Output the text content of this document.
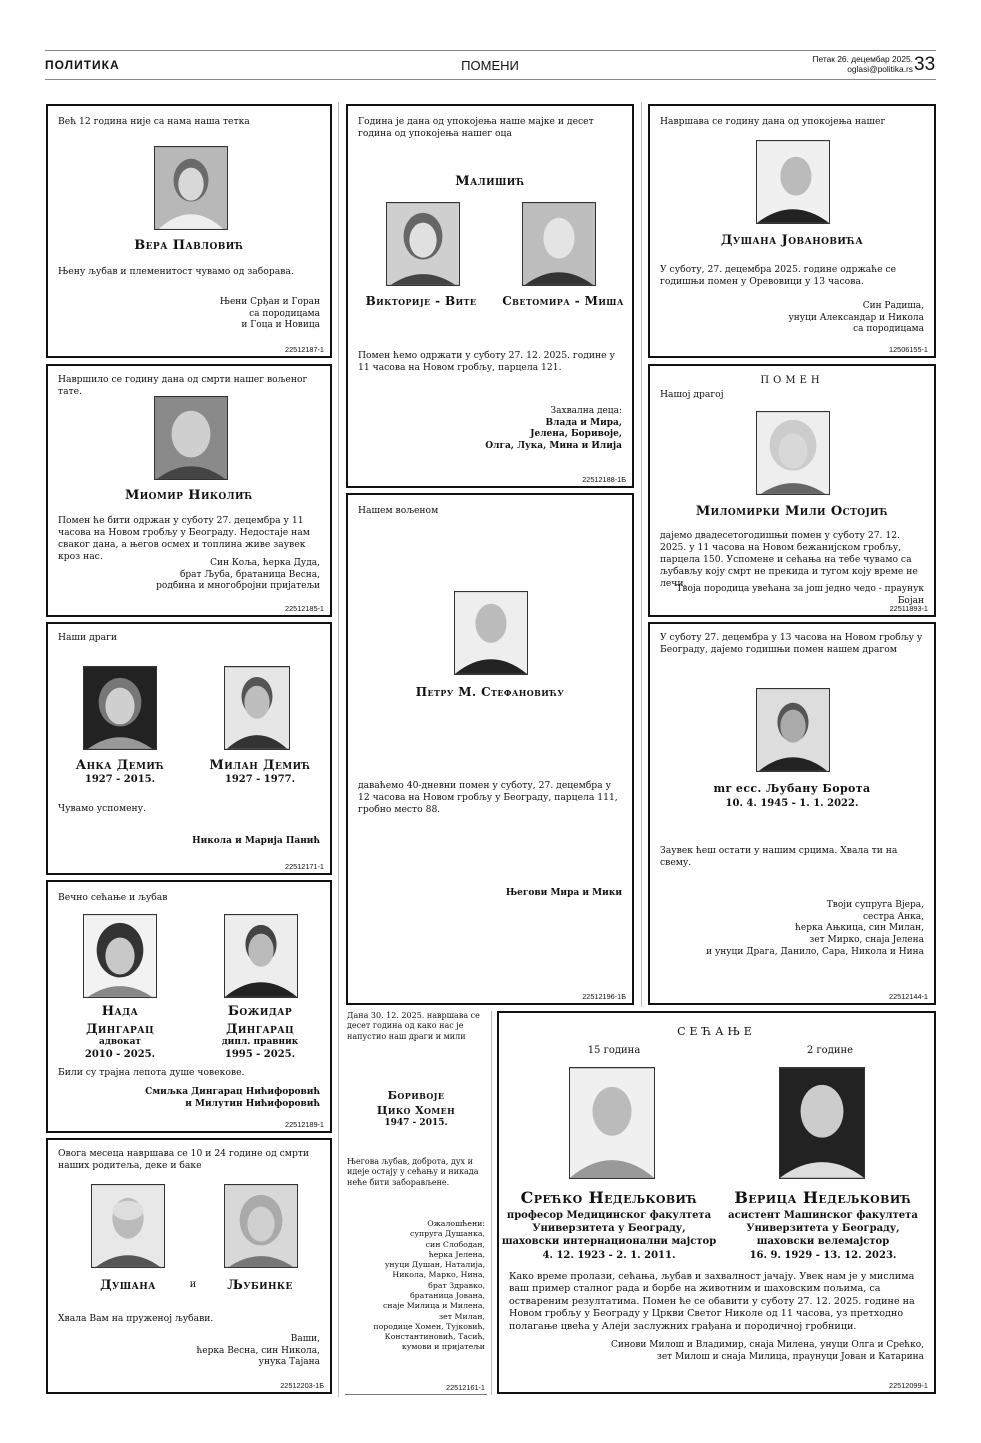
ПОЛИТИКА	ПОМЕНИ	Петак 26. децембар 2025.
oglasi@politika.rs 33

Већ 12 година није са нама наша тетка

Вера Павловић

Њену љубав и племенитост чувамо од заборава.

Њени Срђан и Горан
са породицама
и Гоца и Новица

22512187-1

Навршило се годину дана од смрти нашег вољеног тате.

Миомир Николић

Помен ће бити одржан у суботу 27. децембра у 11 часова на Новом гробљу у Београду. Недостаје нам сваког дана, а његов осмех и топлина живе заувек кроз нас.

Син Коља, ћерка Дуда,
брат Љуба, братаница Весна,
родбина и многобројни пријатељи

22512185-1

Наши драги

Анка Демић

1927 - 2015.

Милан Демић

1927 - 1977.

Чувамо успомену.

Никола и Марија Панић

22512171-1

Вечно сећање и љубав

Нада

Дингарац

адвокат

2010 - 2025.

Божидар

Дингарац

дипл. правник

1995 - 2025.

Били су трајна лепота душе човекове.

Смиљка Дингарац Нићифоровић
и Милутин Нићифоровић

22512189-1

Овога месеца навршава се 10 и 24 године од смрти наших родитеља, деке и баке

Душана	и	Љубинке

Хвала Вам на пруженој љубави.

Ваши,
ћерка Весна, син Никола,
унука Тајана

22512203-1Б

Година је дана од упокојења наше мајке и десет година од упокојења нашег оца

Малишић

Викторије - Вите	Светомира - Миша

Помен ћемо одржати у суботу 27. 12. 2025. године у 11 часова на Новом гробљу, парцела 121.

Захвална деца:
Влада и Мира,
Јелена, Боривоје,
Олга, Лука, Мина и Илија

22512188-1Б

Нашем вољеном

Петру М. Стефановићу

даваћемо 40-дневни помен у суботу, 27. децембра у 12 часова на Новом гробљу у Београду, парцела 111, гробно место 88.

Његови Мира и Мики

22512196-1Б

Дана 30. 12. 2025. навршава се десет година од како нас је напустио наш драги и мили

Боривоје

Цико Хомен

1947 - 2015.

Његова љубав, доброта, дух и идеје остају у сећању и никада неће бити заборављене.

Ожалошћени:
супруга Душанка,
син Слободан,
ћерка Јелена,
унуци Душан, Наталија,
Никола, Марко, Нина,
брат Здравко,
братаница Јована,
снаје Милица и Милена,
зет Милан,
породице Хомен, Тујковић,
Константиновић, Тасић,
кумови и пријатељи

22512161-1

Навршава се годину дана од упокојења нашег

Душана Јовановића

У суботу, 27. децембра 2025. године одржаће се годишњи помен у Оревовици у 13 часова.

Син Радиша,
унуци Александар и Никола
са породицама

12506155-1

ПОМЕН

Нашој драгој

Миломирки Мили Остојић

дајемо двадесетогодишњи помен у суботу 27. 12. 2025. у 11 часова на Новом бежанијском гробљу, парцела 150. Успомене и сећања на тебе чувамо са љубављу коју смрт не прекида и тугом коју време не лечи.

Твоја породица увећана за још једно чедо - праунук Бојан

22511893-1

У суботу 27. децембра у 13 часова на Новом гробљу у Београду, дајемо годишњи помен нашем драгом

mr ecc. Љубану Борота

10. 4. 1945 - 1. 1. 2022.

Заувек ћеш остати у нашим срцима. Хвала ти на свему.

Твоји супруга Вјера,
сестра Анка,
ћерка Ањкица, син Милан,
зет Мирко, снаја Јелена
и унуци Драга, Данило, Сара, Никола и Нина

22512144-1

СЕЋАЊЕ

15 година	2 године

Срећко Недељковић

професор Медицинског факултета

Универзитета у Београду,

шаховски интернационални мајстор

4. 12. 1923 - 2. 1. 2011.

Верица Недељковић

асистент Машинског факултета

Универзитета у Београду,

шаховски велемајстор

16. 9. 1929 - 13. 12. 2023.

Како време пролази, сећања, љубав и захвалност јачају. Увек нам је у мислима ваш пример сталног рада и борбе на животним и шаховским пољима, са оствареним резултатима. Помен ће се обавити у суботу 27. 12. 2025. године на Новом гробљу у Београду у Цркви Светог Николе од 11 часова, уз претходно полагање цвећа у Алеји заслужних грађана и породичној гробници.

Синови Милош и Владимир, снаја Милена, унуци Олга и Срећко,
зет Милош и снаја Милица, праунуци Јован и Катарина

22512099-1
